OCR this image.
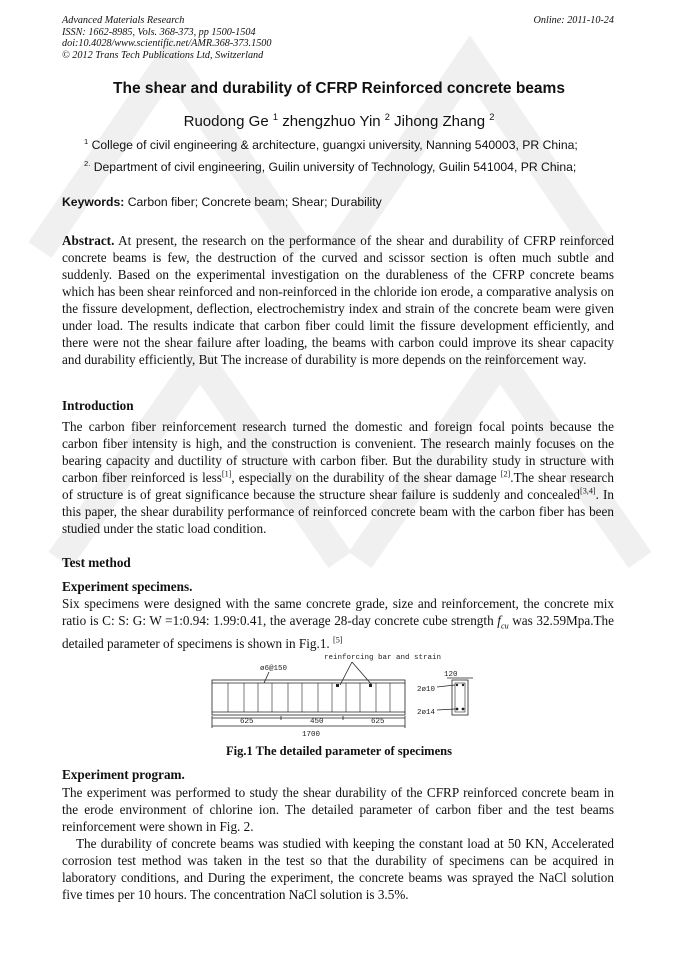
Advanced Materials Research
ISSN: 1662-8985, Vols. 368-373, pp 1500-1504
doi:10.4028/www.scientific.net/AMR.368-373.1500
© 2012 Trans Tech Publications Ltd, Switzerland
Online: 2011-10-24
The shear and durability of CFRP Reinforced concrete beams
Ruodong Ge $^1$ zhengzhuo Yin $^2$ Jihong Zhang $^2$
$^1$ College of civil engineering & architecture, guangxi university, Nanning 540003, PR China;
$^{2.}$ Department of civil engineering, Guilin university of Technology, Guilin 541004, PR China;
Keywords: Carbon fiber; Concrete beam; Shear; Durability
Abstract. At present, the research on the performance of the shear and durability of CFRP reinforced concrete beams is few, the destruction of the curved and scissor section is often much subtle and suddenly. Based on the experimental investigation on the durableness of the CFRP concrete beams which has been shear reinforced and non-reinforced in the chloride ion erode, a comparative analysis on the fissure development, deflection, electrochemistry index and strain of the concrete beam were given under load. The results indicate that carbon fiber could limit the fissure development efficiently, and there were not the shear failure after loading, the beams with carbon could improve its shear capacity and durability efficiently, But The increase of durability is more depends on the reinforcement way.
Introduction
The carbon fiber reinforcement research turned the domestic and foreign focal points because the carbon fiber intensity is high, and the construction is convenient. The research mainly focuses on the bearing capacity and ductility of structure with carbon fiber. But the durability study in structure with carbon fiber reinforced is less[1], especially on the durability of the shear damage [2].The shear research of structure is of great significance because the structure shear failure is suddenly and concealed[3,4]. In this paper, the shear durability performance of reinforced concrete beam with the carbon fiber has been studied under the static load condition.
Test method
Experiment specimens.
Six specimens were designed with the same concrete grade, size and reinforcement, the concrete mix ratio is C: S: G: W =1:0.94: 1.99:0.41, the average 28-day concrete cube strength $f_{cu}$ was 32.59Mpa.The detailed parameter of specimens is shown in Fig.1. [5]
reinforcing bar and strain
ø6@150
120
2ø10
2ø14
625	450	625
1700
Fig.1 The detailed parameter of specimens
Experiment program.
The experiment was performed to study the shear durability of the CFRP reinforced concrete beam in the erode environment of chlorine ion. The detailed parameter of carbon fiber and the test beams reinforcement were shown in Fig. 2.
The durability of concrete beams was studied with keeping the constant load at 50 KN, Accelerated corrosion test method was taken in the test so that the durability of specimens can be acquired in laboratory conditions, and During the experiment, the concrete beams was sprayed the NaCl solution five times per 10 hours. The concentration NaCl solution is 3.5%.
